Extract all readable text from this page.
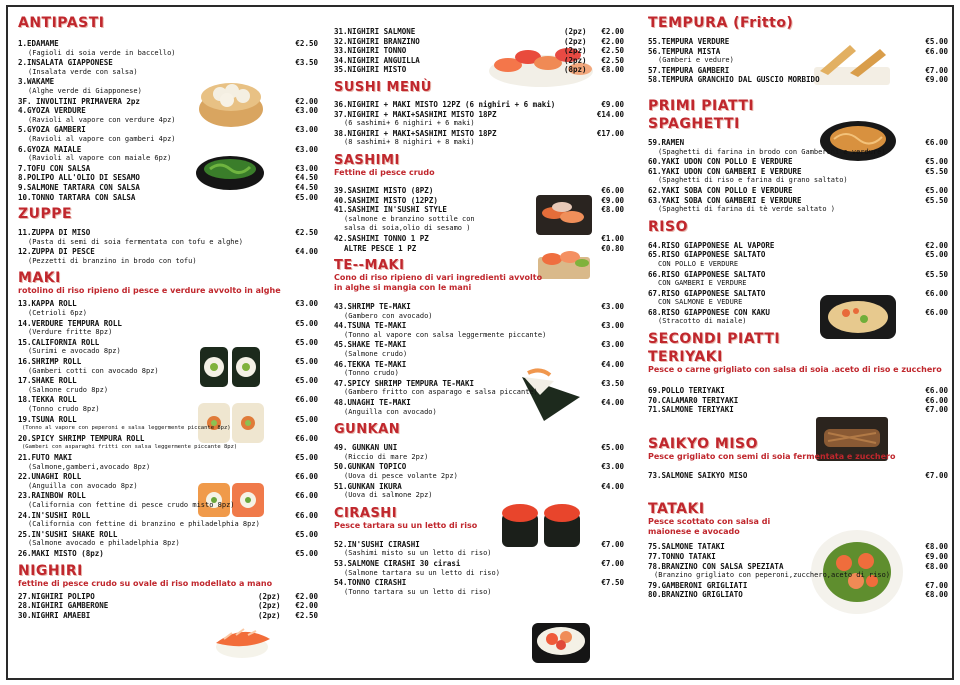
ANTIPASTI
1.EDAMAME	€2.50
(Fagioli di soia verde in baccello)
2.INSALATA GIAPPONESE	€3.50
(Insalata verde con salsa)
3.WAKAME
(Alghe verde di Giapponese)
3F. INVOLTINI PRIMAVERA 2pz	€2.00
4.GYOZA VERDURE	€3.00
(Ravioli al vapore con verdure 4pz)
5.GYOZA GAMBERI	€3.00
(Ravioli al vapore con gamberi 4pz)
6.GYOZA MAIALE	€3.00
(Ravioli al vapore con maiale 6pz)
7.TOFU CON SALSA	€3.00
8.POLIPO ALL'OLIO DI SESAMO	€4.50
9.SALMONE TARTARA CON SALSA	€4.50
10.TONNO TARTARA CON SALSA	€5.00
ZUPPE
11.ZUPPA DI MISO	€2.50
(Pasta di semi di soia fermentata con tofu e alghe)
12.ZUPPA DI PESCE	€4.00
(Pezzetti di branzino in brodo con tofu)
MAKI
rotolino di riso ripieno di pesce e verdure avvolto in alghe
13.KAPPA ROLL	€3.00
(Cetrioli 6pz)
14.VERDURE TEMPURA ROLL	€5.00
(Verdure fritte 8pz)
15.CALIFORNIA ROLL	€5.00
(Surimi e avocado 8pz)
16.SHRIMP ROLL	€5.00
(Gamberi cotti con avocado 8pz)
17.SHAKE ROLL	€5.00
(Salmone crudo 8pz)
18.TEKKA ROLL	€6.00
(Tonno crudo 8pz)
19.TSUNA ROLL	€5.00
(Tonno al vapore con peperoni e salsa leggermente piccante 8pz)
20.SPICY SHRIMP TEMPURA ROLL	€6.00
(Gamberi con asparaghi fritti con salsa leggermente piccante 8pz)
21.FUTO MAKI	€5.00
(Salmone,gamberi,avocado 8pz)
22.UNAGHI ROLL	€6.00
(Anguilla con avocado 8pz)
23.RAINBOW ROLL	€6.00
(California con fettine di pesce crudo misto 8pz)
24.IN'SUSHI ROLL	€6.00
(California con fettine di branzino e philadelphia 8pz)
25.IN'SUSHI SHAKE ROLL	€5.00
(Salmone avocado e philadelphia 8pz)
26.MAKI MISTO (8pz)	€5.00
NIGHIRI
fettine di pesce crudo su ovale di riso modellato a mano
27.NIGHIRI POLIPO	(2pz)	€2.00
28.NIGHIRI GAMBERONE	(2pz)	€2.00
30.NIGHRI AMAEBI	(2pz)	€2.50
31.NIGHIRI SALMONE	(2pz)	€2.00
32.NIGHIRI BRANZINO	(2pz)	€2.00
33.NIGHIRI TONNO	(2pz)	€2.50
34.NIGHIRI ANGUILLA	(2pz)	€2.50
35.NIGHIRI MISTO	(8pz)	€8.00
SUSHI MENÙ
36.NIGHIRI + MAKI MISTO 12PZ (6 nighiri + 6 maki)	€9.00
37.NIGHIRI + MAKI+SASHIMI MISTO 18PZ	€14.00
(6 sashimi+ 6 nighiri + 6 maki)
38.NIGHIRI + MAKI+SASHIMI MISTO 18PZ	€17.00
(8 sashimi+ 8 nighiri + 8 maki)
SASHIMI
Fettine di pesce crudo
39.SASHIMI MISTO (8PZ)	€6.00
40.SASHIMI MISTO (12PZ)	€9.00
41.SASHIMI IN'SUSHI STYLE	€8.00
(salmone e branzino sottile con
salsa di soia,olio di sesamo )
42.SASHIMI TONNO 1 PZ	€1.00
ALTRE PESCE 1 PZ	€0.80
TE--MAKI
Cono di riso ripieno di vari ingredienti avvolto
in alghe si mangia con le mani
43.SHRIMP TE-MAKI	€3.00
(Gambero con avocado)
44.TSUNA TE-MAKI	€3.00
(Tonno al vapore con salsa leggermente piccante)
45.SHAKE TE-MAKI	€3.00
(Salmone crudo)
46.TEKKA TE-MAKI	€4.00
(Tonno crudo)
47.SPICY SHRIMP TEMPURA TE-MAKI	€3.50
(Gambero fritto con asparago e salsa piccante)
48.UNAGHI TE-MAKI	€4.00
(Anguilla con avocado)
GUNKAN
49. GUNKAN UNI	€5.00
(Riccio di mare 2pz)
50.GUNKAN TOPICO	€3.00
(Uova di pesce volante 2pz)
51.GUNKAN IKURA	€4.00
(Uova di salmone 2pz)
CIRASHI
Pesce tartara su un letto di riso
52.IN'SUSHI CIRASHI	€7.00
(Sashimi misto su un letto di riso)
53.SALMONE CIRASHI 30 cirasi	€7.00
(Salmone tartara su un letto di riso)
54.TONNO CIRASHI	€7.50
(Tonno tartara su un letto di riso)
TEMPURA (Fritto)
55.TEMPURA VERDURE	€5.00
56.TEMPURA MISTA	€6.00
(Gamberi e vedure)
57.TEMPURA GAMBERI	€7.00
58.TEMPURA GRANCHIO DAL GUSCIO MORBIDO	€9.00
PRIMI PIATTI
SPAGHETTI
59.RAMEN	€6.00
(Spaghetti di farina in brodo con Gamberoni e verdure)
60.YAKI UDON CON POLLO E VERDURE	€5.00
61.YAKI UDON CON GAMBERI E VERDURE	€5.50
(Spaghetti di riso e farina di grano saltato)
62.YAKI SOBA CON POLLO E VERDURE	€5.00
63.YAKI SOBA CON GAMBERI E VERDURE	€5.50
(Spaghetti di farina di tè verde saltato )
RISO
64.RISO GIAPPONESE AL VAPORE	€2.00
65.RISO GIAPPONESE SALTATO	€5.00
CON POLLO E VERDURE
66.RISO GIAPPONESE SALTATO	€5.50
CON GAMBERI E VERDURE
67.RISO GIAPPONESE SALTATO	€6.00
CON SALMONE E VEDURE
68.RISO GIAPPONESE CON KAKU	€6.00
(Stracotto di maiale)
SECONDI PIATTI
TERIYAKI
Pesce o carne grigliato con salsa di soia .aceto di riso e zucchero
69.POLLO TERIYAKI	€6.00
70.CALAMAR0 TERIYAKI	€6.00
71.SALMONE TERIYAKI	€7.00
SAIKYO MISO
Pesce grigliato con semi di soia fermentata e zucchero
73.SALMONE SAIKYO MISO	€7.00
TATAKI
Pesce scottato con salsa di
maionese e avocado
75.SALMONE TATAKI	€8.00
77.TONNO TATAKI	€9.00
78.BRANZINO CON SALSA SPEZIATA	€8.00
(Branzino grigliato con peperoni,zucchero,aceto di riso)
79.GAMBERONI GRIGLIATI	€7.00
80.BRANZINO GRIGLIATO	€8.00
